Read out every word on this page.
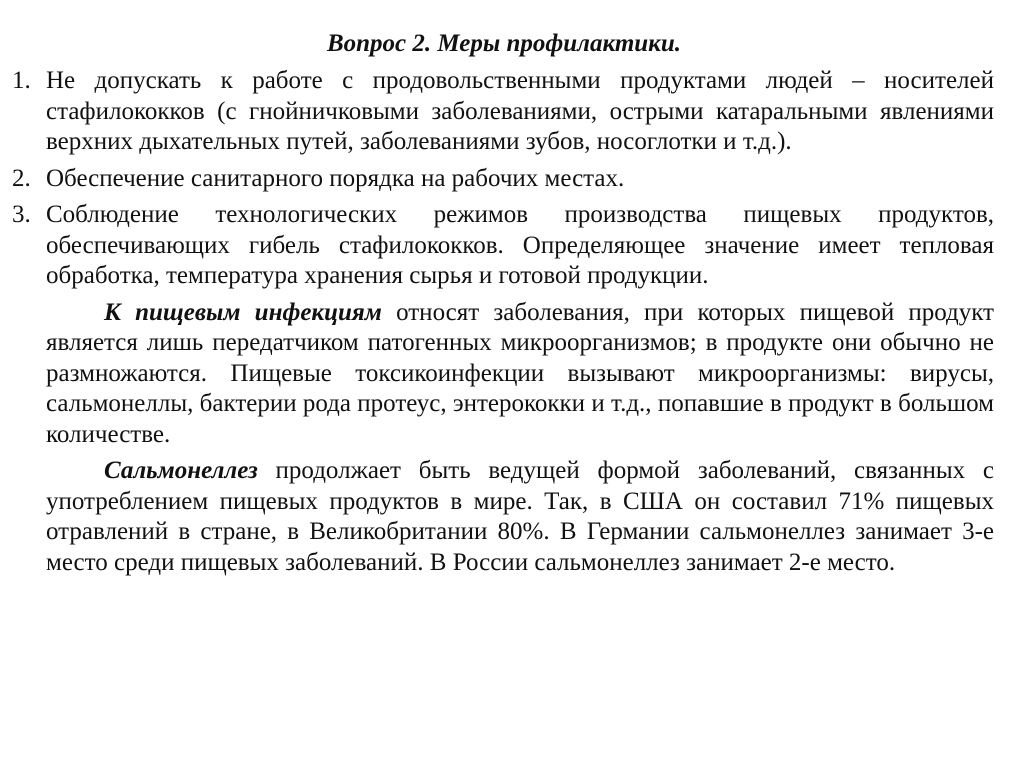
Вопрос 2. Меры профилактики.
1. Не допускать к работе с продовольственными продуктами людей – носителей стафилококков (с гнойничковыми заболеваниями, острыми катаральными явлениями верхних дыхательных путей, заболеваниями зубов, носоглотки и т.д.).
2. Обеспечение санитарного порядка на рабочих местах.
3. Соблюдение технологических режимов производства пищевых продуктов, обеспечивающих гибель стафилококков. Определяющее значение имеет тепловая обработка, температура хранения сырья и готовой продукции.

К пищевым инфекциям относят заболевания, при которых пищевой продукт является лишь передатчиком патогенных микроорганизмов; в продукте они обычно не размножаются. Пищевые токсикоинфекции вызывают микроорганизмы: вирусы, сальмонеллы, бактерии рода протеус, энтерококки и т.д., попавшие в продукт в большом количестве.

Сальмонеллез продолжает быть ведущей формой заболеваний, связанных с употреблением пищевых продуктов в мире. Так, в США он составил 71% пищевых отравлений в стране, в Великобритании 80%. В Германии сальмонеллез занимает 3-е место среди пищевых заболеваний. В России сальмонеллез занимает 2-е место.
